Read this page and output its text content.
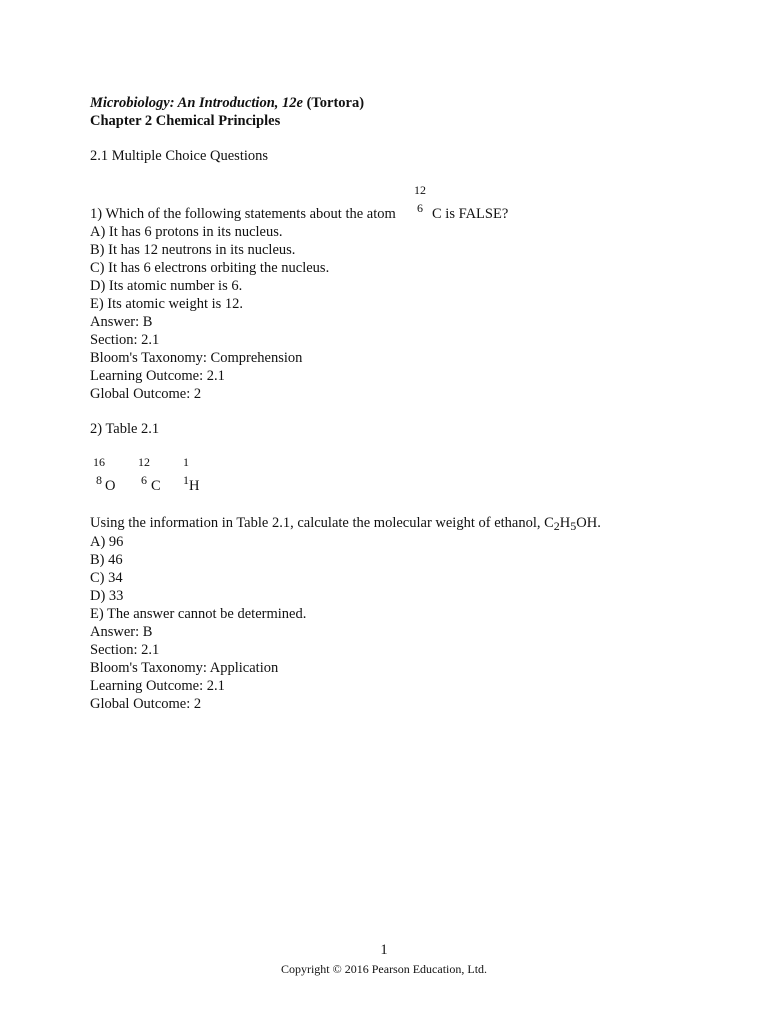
Microbiology: An Introduction, 12e (Tortora)
Chapter 2 Chemical Principles
2.1 Multiple Choice Questions
12
6
1) Which of the following statements about the atom C is FALSE?
A) It has 6 protons in its nucleus.
B) It has 12 neutrons in its nucleus.
C) It has 6 electrons orbiting the nucleus.
D) Its atomic number is 6.
E) Its atomic weight is 12.
Answer: B
Section: 2.1
Bloom's Taxonomy: Comprehension
Learning Outcome: 2.1
Global Outcome: 2
2) Table 2.1
16
8 O
12
6 C
1
1 H
Using the information in Table 2.1, calculate the molecular weight of ethanol, $C_2H_5OH$.
A) 96
B) 46
C) 34
D) 33
E) The answer cannot be determined.
Answer: B
Section: 2.1
Bloom's Taxonomy: Application
Learning Outcome: 2.1
Global Outcome: 2
1
Copyright © 2016 Pearson Education, Ltd.
